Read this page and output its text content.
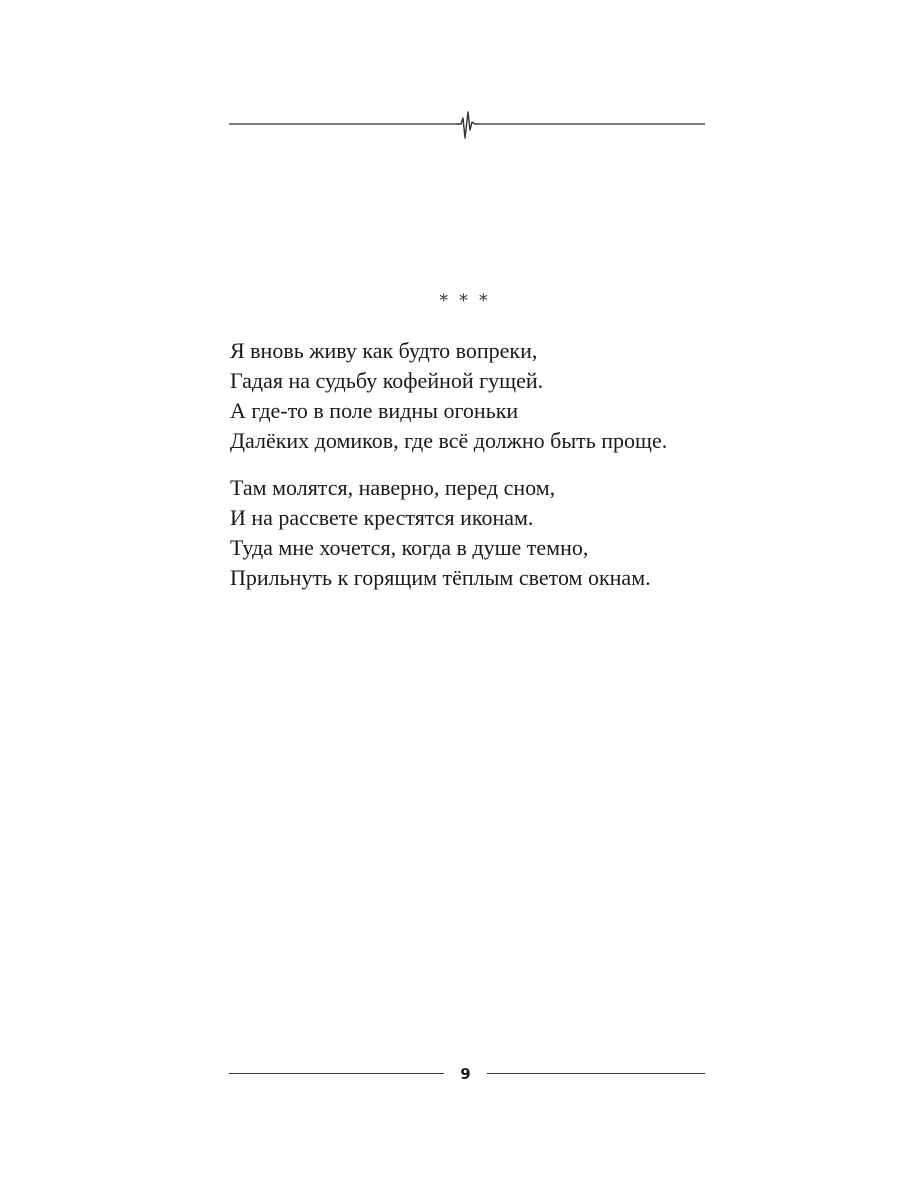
* * *
Я вновь живу как будто вопреки,
Гадая на судьбу кофейной гущей.
А где-то в поле видны огоньки
Далёких домиков, где всё должно быть проще.
Там молятся, наверно, перед сном,
И на рассвете крестятся иконам.
Туда мне хочется, когда в душе темно,
Прильнуть к горящим тёплым светом окнам.
9
